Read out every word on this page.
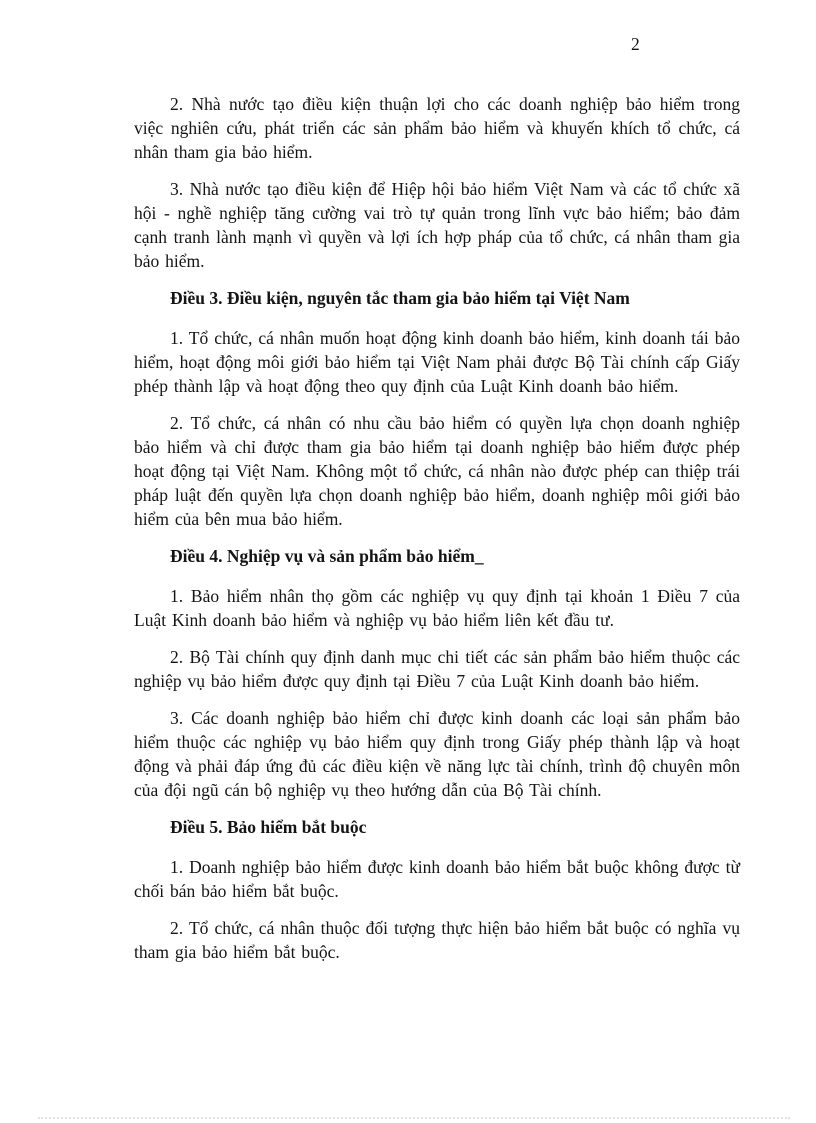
2

2. Nhà nước tạo điều kiện thuận lợi cho các doanh nghiệp bảo hiểm trong việc nghiên cứu, phát triển các sản phẩm bảo hiểm và khuyến khích tổ chức, cá nhân tham gia bảo hiểm.

3. Nhà nước tạo điều kiện để Hiệp hội bảo hiểm Việt Nam và các tổ chức xã hội - nghề nghiệp tăng cường vai trò tự quản trong lĩnh vực bảo hiểm; bảo đảm cạnh tranh lành mạnh vì quyền và lợi ích hợp pháp của tổ chức, cá nhân tham gia bảo hiểm.

Điều 3. Điều kiện, nguyên tắc tham gia bảo hiểm tại Việt Nam

1. Tổ chức, cá nhân muốn hoạt động kinh doanh bảo hiểm, kinh doanh tái bảo hiểm, hoạt động môi giới bảo hiểm tại Việt Nam phải được Bộ Tài chính cấp Giấy phép thành lập và hoạt động theo quy định của Luật Kinh doanh bảo hiểm.

2. Tổ chức, cá nhân có nhu cầu bảo hiểm có quyền lựa chọn doanh nghiệp bảo hiểm và chỉ được tham gia bảo hiểm tại doanh nghiệp bảo hiểm được phép hoạt động tại Việt Nam. Không một tổ chức, cá nhân nào được phép can thiệp trái pháp luật đến quyền lựa chọn doanh nghiệp bảo hiểm, doanh nghiệp môi giới bảo hiểm của bên mua bảo hiểm.

Điều 4. Nghiệp vụ và sản phẩm bảo hiểm_

1. Bảo hiểm nhân thọ gồm các nghiệp vụ quy định tại khoản 1 Điều 7 của Luật Kinh doanh bảo hiểm và nghiệp vụ bảo hiểm liên kết đầu tư.

2. Bộ Tài chính quy định danh mục chi tiết các sản phẩm bảo hiểm thuộc các nghiệp vụ bảo hiểm được quy định tại Điều 7 của Luật Kinh doanh bảo hiểm.

3. Các doanh nghiệp bảo hiểm chỉ được kinh doanh các loại sản phẩm bảo hiểm thuộc các nghiệp vụ bảo hiểm quy định trong Giấy phép thành lập và hoạt động và phải đáp ứng đủ các điều kiện về năng lực tài chính, trình độ chuyên môn của đội ngũ cán bộ nghiệp vụ theo hướng dẫn của Bộ Tài chính.

Điều 5. Bảo hiểm bắt buộc

1. Doanh nghiệp bảo hiểm được kinh doanh bảo hiểm bắt buộc không được từ chối bán bảo hiểm bắt buộc.

2. Tổ chức, cá nhân thuộc đối tượng thực hiện bảo hiểm bắt buộc có nghĩa vụ tham gia bảo hiểm bắt buộc.
